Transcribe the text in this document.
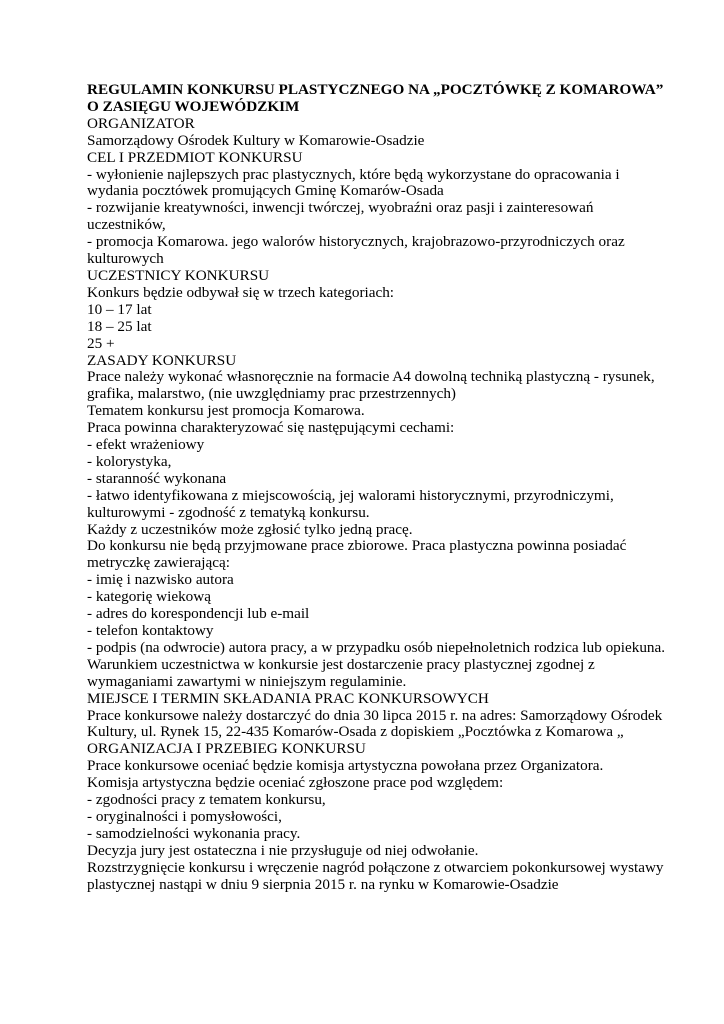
REGULAMIN KONKURSU PLASTYCZNEGO NA „POCZTÓWKĘ Z KOMAROWA” O ZASIĘGU WOJEWÓDZKIM

ORGANIZATOR

Samorządowy Ośrodek Kultury w Komarowie-Osadzie

CEL I PRZEDMIOT KONKURSU

- wyłonienie najlepszych prac plastycznych, które będą wykorzystane do opracowania i wydania pocztówek promujących Gminę Komarów-Osada

- rozwijanie kreatywności, inwencji twórczej, wyobraźni oraz pasji i zainteresowań uczestników,

- promocja Komarowa. jego walorów historycznych, krajobrazowo-przyrodniczych oraz kulturowych

UCZESTNICY KONKURSU

Konkurs będzie odbywał się w trzech kategoriach:

10 – 17 lat

18 – 25 lat

25 +

ZASADY KONKURSU

Prace należy wykonać własnoręcznie na formacie A4 dowolną techniką plastyczną - rysunek, grafika, malarstwo, (nie uwzględniamy prac przestrzennych)

Tematem konkursu jest promocja Komarowa.

Praca powinna charakteryzować się następującymi cechami:

- efekt wrażeniowy

- kolorystyka,

- staranność wykonana

- łatwo identyfikowana z miejscowością, jej walorami historycznymi, przyrodniczymi, kulturowymi - zgodność z tematyką konkursu.

Każdy z uczestników może zgłosić tylko jedną pracę.

Do konkursu nie będą przyjmowane prace zbiorowe. Praca plastyczna powinna posiadać metryczkę zawierającą:

- imię i nazwisko autora

- kategorię wiekową

- adres do korespondencji lub e-mail

- telefon kontaktowy

- podpis (na odwrocie) autora pracy, a w przypadku osób niepełnoletnich rodzica lub opiekuna.

Warunkiem uczestnictwa w konkursie jest dostarczenie pracy plastycznej zgodnej z wymaganiami zawartymi w niniejszym regulaminie.

MIEJSCE I TERMIN SKŁADANIA PRAC KONKURSOWYCH

Prace konkursowe należy dostarczyć do dnia 30 lipca 2015 r. na adres: Samorządowy Ośrodek Kultury, ul. Rynek 15, 22-435 Komarów-Osada z dopiskiem „Pocztówka z Komarowa „

ORGANIZACJA I PRZEBIEG KONKURSU

Prace konkursowe oceniać będzie komisja artystyczna powołana przez Organizatora.

Komisja artystyczna będzie oceniać zgłoszone prace pod względem:

- zgodności pracy z tematem konkursu,

- oryginalności i pomysłowości,

- samodzielności wykonania pracy.

Decyzja jury jest ostateczna i nie przysługuje od niej odwołanie.

Rozstrzygnięcie konkursu i wręczenie nagród połączone z otwarciem pokonkursowej wystawy plastycznej nastąpi w dniu 9 sierpnia 2015 r. na rynku w Komarowie-Osadzie
